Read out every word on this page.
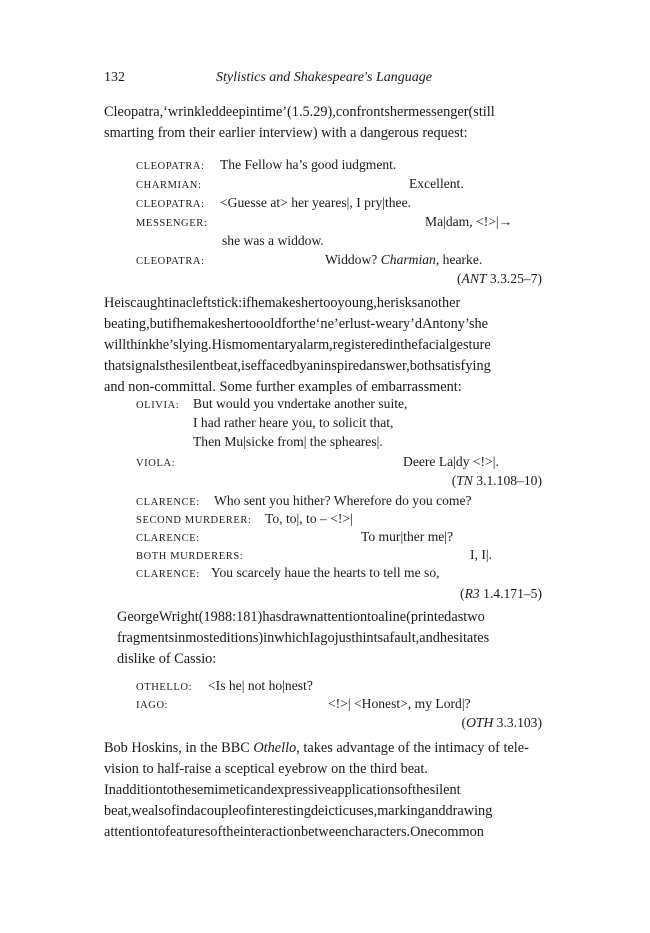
132	Stylistics and Shakespeare's Language
Cleopatra,‘wrinkleddeepintime’(1.5.29),confrontshermessenger(still
smarting from their earlier interview) with a dangerous request:
CLEOPATRA: The Fellow ha’s good iudgment.
CHARMIAN:	Excellent.
CLEOPATRA: <Guesse at> her yeares|, I pry|thee.
MESSENGER:	Ma|dam, <!>|→
she was a widdow.
CLEOPATRA:	Widdow? Charmian, hearke.
(ANT 3.3.25–7)
Heiscaughtinacleftstick:ifhemakeshertooyoung,herisksanother
beating,butifhemakeshertoooldforthe‘ne’erlust-weary’dAntony’she
willthinkhe’slying.Hismomentaryalarm,registeredinthefacialgesture
thatsignalsthesilentbeat,iseffacedbyaninspiredanswer,bothsatisfying
and non-committal. Some further examples of embarrassment:
OLIVIA: But would you vndertake another suite,
I had rather heare you, to solicit that,
Then Mu|sicke from| the spheares|.
VIOLA:	Deere La|dy <!>|.
(TN 3.1.108–10)
CLARENCE: Who sent you hither? Wherefore do you come?
SECOND MURDERER: To, to|, to – <!>|
CLARENCE:	To mur|ther me|?
BOTH MURDERERS:	I, I|.
CLARENCE: You scarcely haue the hearts to tell me so,
(R3 1.4.171–5)
GeorgeWright(1988:181)hasdrawnattentiontoaline(printedastwo
fragmentsinmosteditions)inwhichIagojusthintsafault,andhesitates
dislike of Cassio:
OTHELLO: <Is he| not ho|nest?
IAGO:	<!>| <Honest>, my Lord|?
(OTH 3.3.103)
Bob Hoskins, in the BBC Othello, takes advantage of the intimacy of tele-
vision to half-raise a sceptical eyebrow on the third beat.
Inadditiontothesemimeticandexpressiveapplicationsofthesilent
beat,wealsofindacoupleofinterestingdeicticuses,markinganddrawing
attentiontofeaturesoftheinteractionbetweencharacters.Onecommon
